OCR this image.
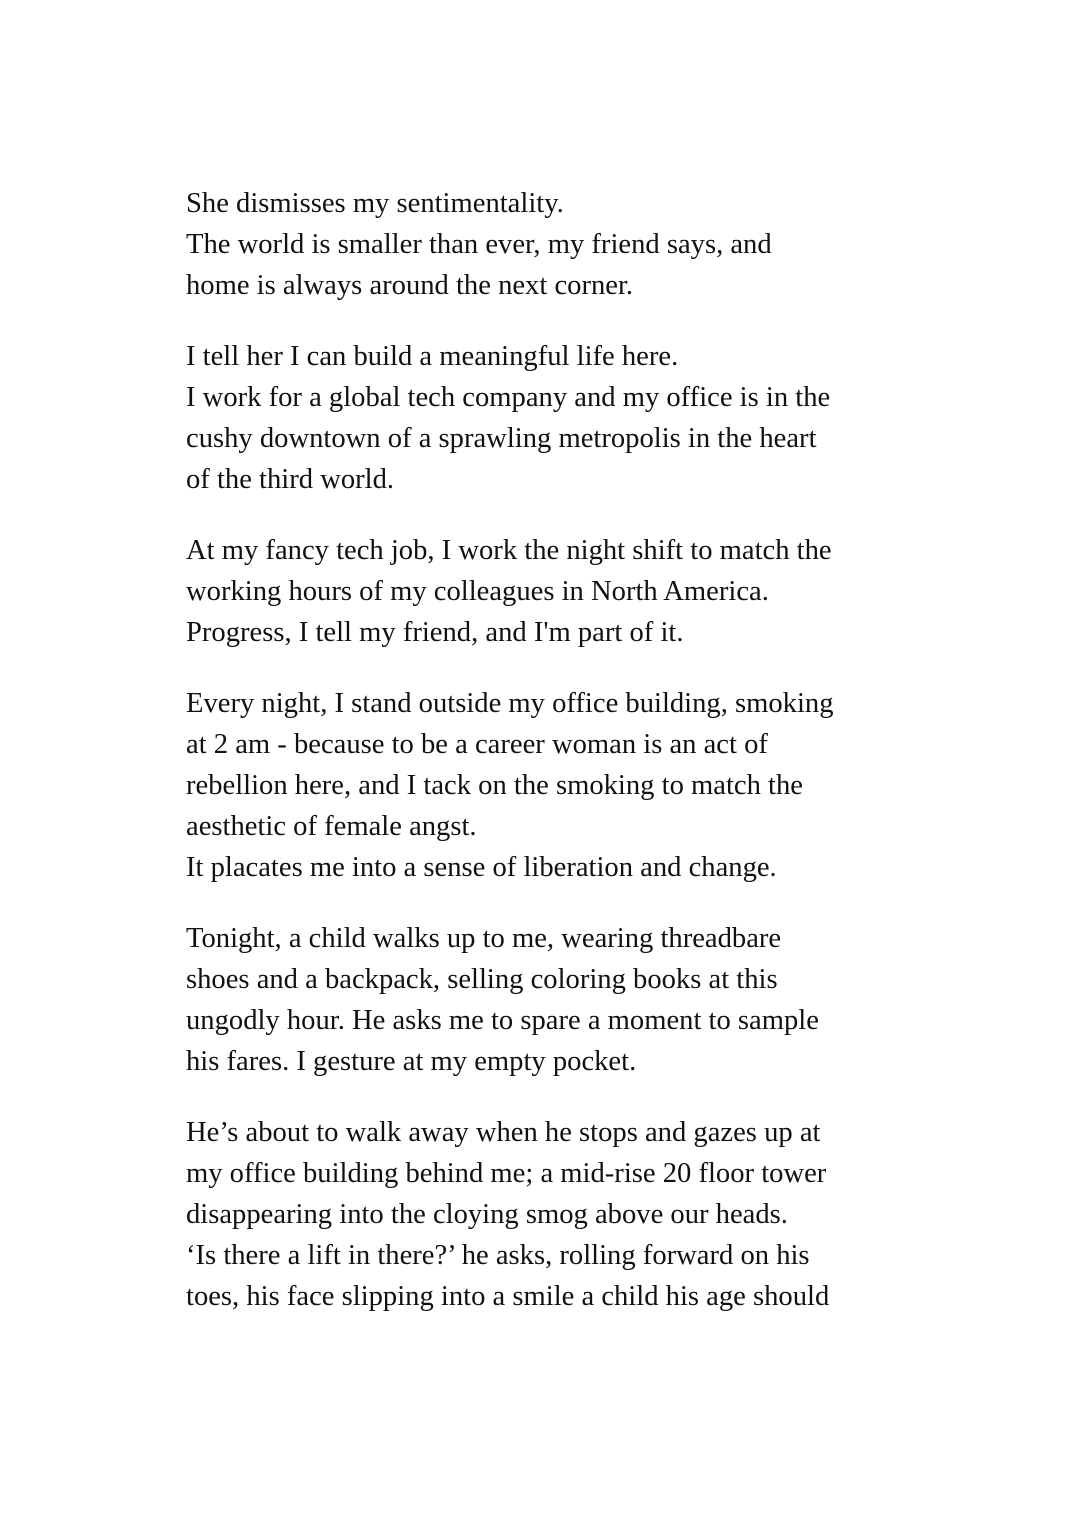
She dismisses my sentimentality.
The world is smaller than ever, my friend says, and
home is always around the next corner.

I tell her I can build a meaningful life here.
I work for a global tech company and my office is in the
cushy downtown of a sprawling metropolis in the heart
of the third world.

At my fancy tech job, I work the night shift to match the
working hours of my colleagues in North America.
Progress, I tell my friend, and I'm part of it.

Every night, I stand outside my office building, smoking
at 2 am - because to be a career woman is an act of
rebellion here, and I tack on the smoking to match the
aesthetic of female angst.
It placates me into a sense of liberation and change.

Tonight, a child walks up to me, wearing threadbare
shoes and a backpack, selling coloring books at this
ungodly hour. He asks me to spare a moment to sample
his fares. I gesture at my empty pocket.

He’s about to walk away when he stops and gazes up at
my office building behind me; a mid-rise 20 floor tower
disappearing into the cloying smog above our heads.
‘Is there a lift in there?’ he asks, rolling forward on his
toes, his face slipping into a smile a child his age should
